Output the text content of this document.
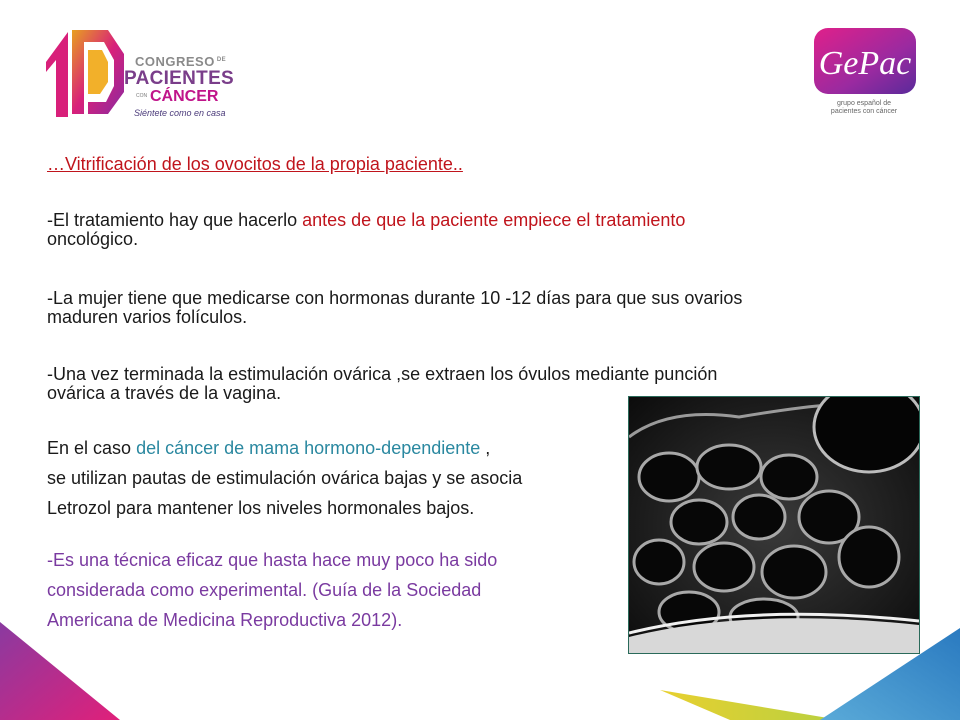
CONGRESO $^{DE}$
PACIENTES
CON CÁNCER
Siéntete como en casa
GePac
grupo español de
pacientes con cáncer

…Vitrificación de los ovocitos de la propia paciente..

-El tratamiento hay que hacerlo antes de que la paciente empiece el tratamiento

oncológico.

-La mujer tiene que medicarse con hormonas durante 10 -12 días para que sus ovarios

maduren varios folículos.

-Una vez terminada la estimulación ovárica ,se extraen los óvulos mediante punción

ovárica a través de la vagina.

En el caso del cáncer de mama hormono-dependiente ,

se utilizan pautas de estimulación ovárica bajas y se asocia

Letrozol para mantener los niveles hormonales bajos.

-Es una técnica eficaz que hasta hace muy poco ha sido

considerada como experimental. (Guía de la Sociedad

Americana de Medicina Reproductiva 2012).
